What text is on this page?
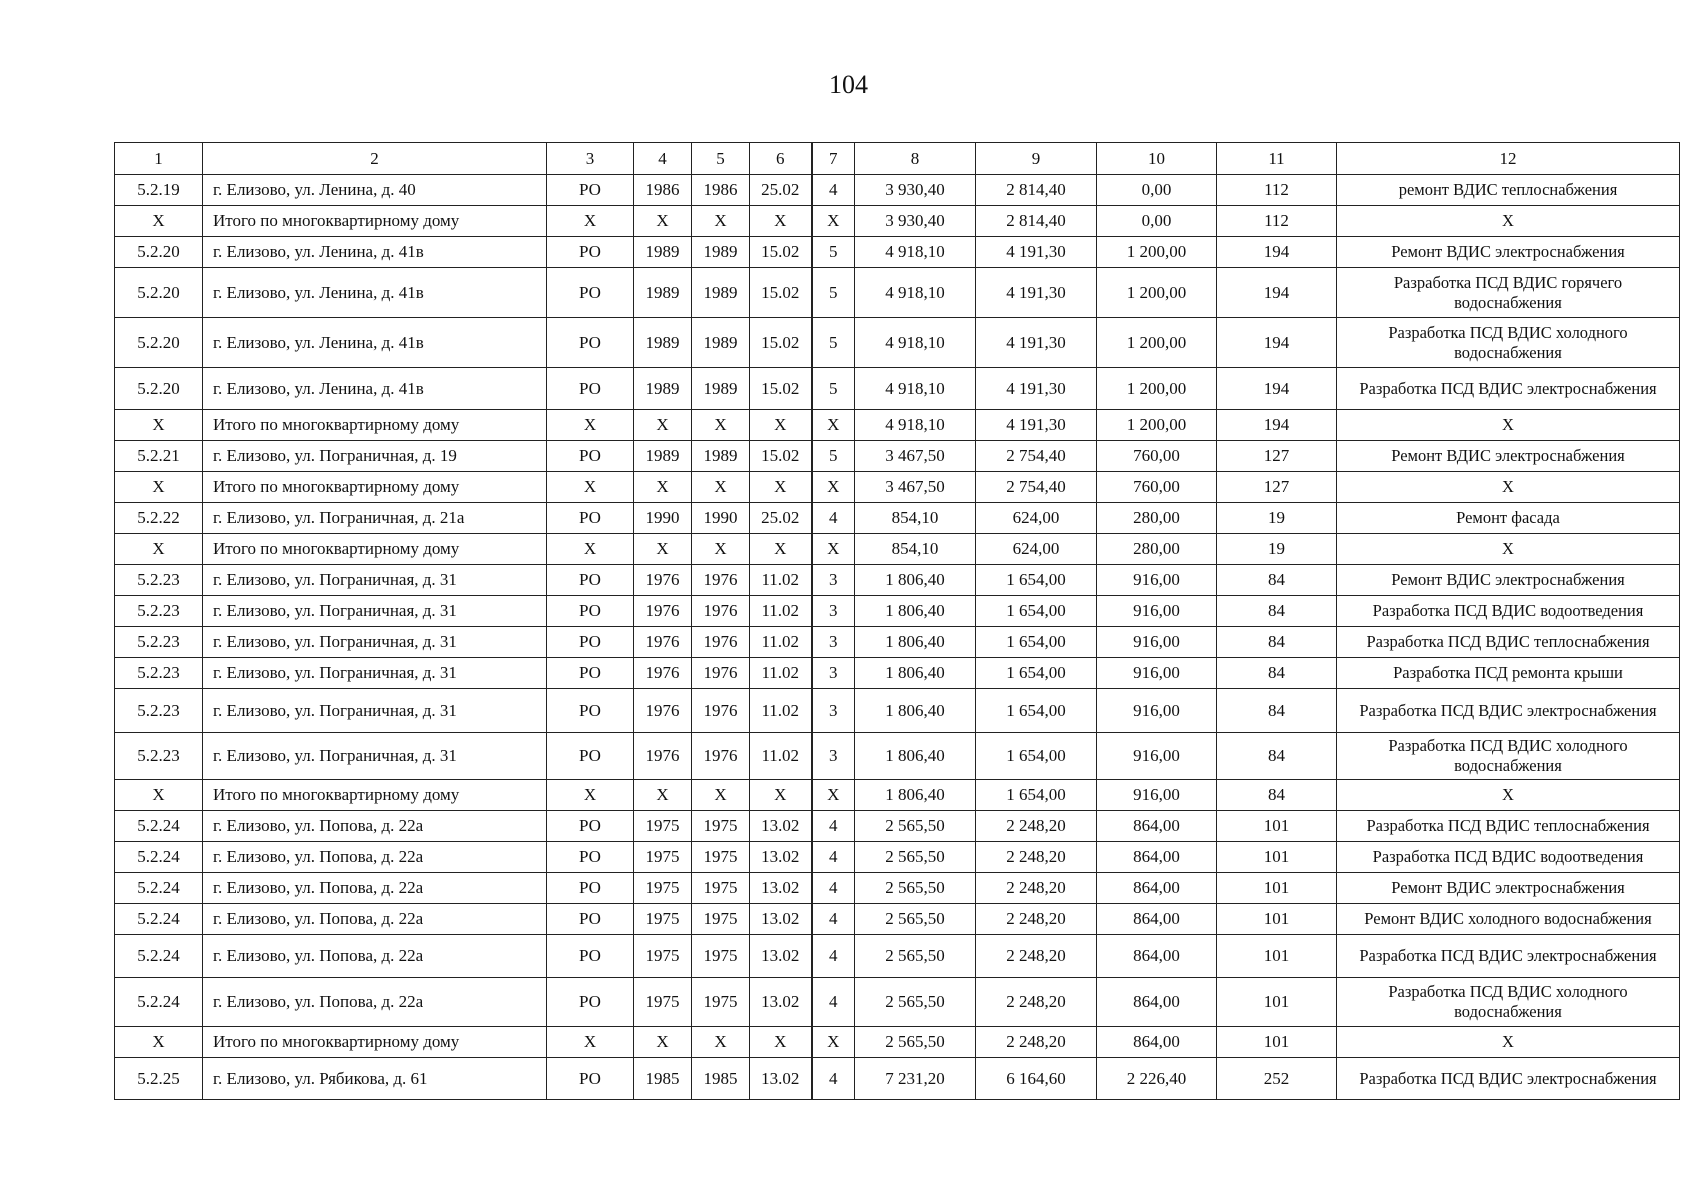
104
1	2	3	4	5	6	7	8	9	10	11	12
5.2.19	г. Елизово, ул. Ленина, д. 40	РО	1986	1986	25.02	4	3 930,40	2 814,40	0,00	112	ремонт ВДИС теплоснабжения
X	Итого по многоквартирному дому	X	X	X	X	X	3 930,40	2 814,40	0,00	112	X
5.2.20	г. Елизово, ул. Ленина, д. 41в	РО	1989	1989	15.02	5	4 918,10	4 191,30	1 200,00	194	Ремонт ВДИС электроснабжения
5.2.20	г. Елизово, ул. Ленина, д. 41в	РО	1989	1989	15.02	5	4 918,10	4 191,30	1 200,00	194	Разработка ПСД ВДИС горячего водоснабжения
5.2.20	г. Елизово, ул. Ленина, д. 41в	РО	1989	1989	15.02	5	4 918,10	4 191,30	1 200,00	194	Разработка ПСД ВДИС холодного водоснабжения
5.2.20	г. Елизово, ул. Ленина, д. 41в	РО	1989	1989	15.02	5	4 918,10	4 191,30	1 200,00	194	Разработка ПСД ВДИС электроснабжения
X	Итого по многоквартирному дому	X	X	X	X	X	4 918,10	4 191,30	1 200,00	194	X
5.2.21	г. Елизово, ул. Пограничная, д. 19	РО	1989	1989	15.02	5	3 467,50	2 754,40	760,00	127	Ремонт ВДИС электроснабжения
X	Итого по многоквартирному дому	X	X	X	X	X	3 467,50	2 754,40	760,00	127	X
5.2.22	г. Елизово, ул. Пограничная, д. 21а	РО	1990	1990	25.02	4	854,10	624,00	280,00	19	Ремонт фасада
X	Итого по многоквартирному дому	X	X	X	X	X	854,10	624,00	280,00	19	X
5.2.23	г. Елизово, ул. Пограничная, д. 31	РО	1976	1976	11.02	3	1 806,40	1 654,00	916,00	84	Ремонт ВДИС электроснабжения
5.2.23	г. Елизово, ул. Пограничная, д. 31	РО	1976	1976	11.02	3	1 806,40	1 654,00	916,00	84	Разработка ПСД ВДИС водоотведения
5.2.23	г. Елизово, ул. Пограничная, д. 31	РО	1976	1976	11.02	3	1 806,40	1 654,00	916,00	84	Разработка ПСД ВДИС теплоснабжения
5.2.23	г. Елизово, ул. Пограничная, д. 31	РО	1976	1976	11.02	3	1 806,40	1 654,00	916,00	84	Разработка ПСД ремонта крыши
5.2.23	г. Елизово, ул. Пограничная, д. 31	РО	1976	1976	11.02	3	1 806,40	1 654,00	916,00	84	Разработка ПСД ВДИС электроснабжения
5.2.23	г. Елизово, ул. Пограничная, д. 31	РО	1976	1976	11.02	3	1 806,40	1 654,00	916,00	84	Разработка ПСД ВДИС холодного водоснабжения
X	Итого по многоквартирному дому	X	X	X	X	X	1 806,40	1 654,00	916,00	84	X
5.2.24	г. Елизово, ул. Попова, д. 22а	РО	1975	1975	13.02	4	2 565,50	2 248,20	864,00	101	Разработка ПСД ВДИС теплоснабжения
5.2.24	г. Елизово, ул. Попова, д. 22а	РО	1975	1975	13.02	4	2 565,50	2 248,20	864,00	101	Разработка ПСД ВДИС водоотведения
5.2.24	г. Елизово, ул. Попова, д. 22а	РО	1975	1975	13.02	4	2 565,50	2 248,20	864,00	101	Ремонт ВДИС электроснабжения
5.2.24	г. Елизово, ул. Попова, д. 22а	РО	1975	1975	13.02	4	2 565,50	2 248,20	864,00	101	Ремонт ВДИС холодного водоснабжения
5.2.24	г. Елизово, ул. Попова, д. 22а	РО	1975	1975	13.02	4	2 565,50	2 248,20	864,00	101	Разработка ПСД ВДИС электроснабжения
5.2.24	г. Елизово, ул. Попова, д. 22а	РО	1975	1975	13.02	4	2 565,50	2 248,20	864,00	101	Разработка ПСД ВДИС холодного водоснабжения
X	Итого по многоквартирному дому	X	X	X	X	X	2 565,50	2 248,20	864,00	101	X
5.2.25	г. Елизово, ул. Рябикова, д. 61	РО	1985	1985	13.02	4	7 231,20	6 164,60	2 226,40	252	Разработка ПСД ВДИС электроснабжения
